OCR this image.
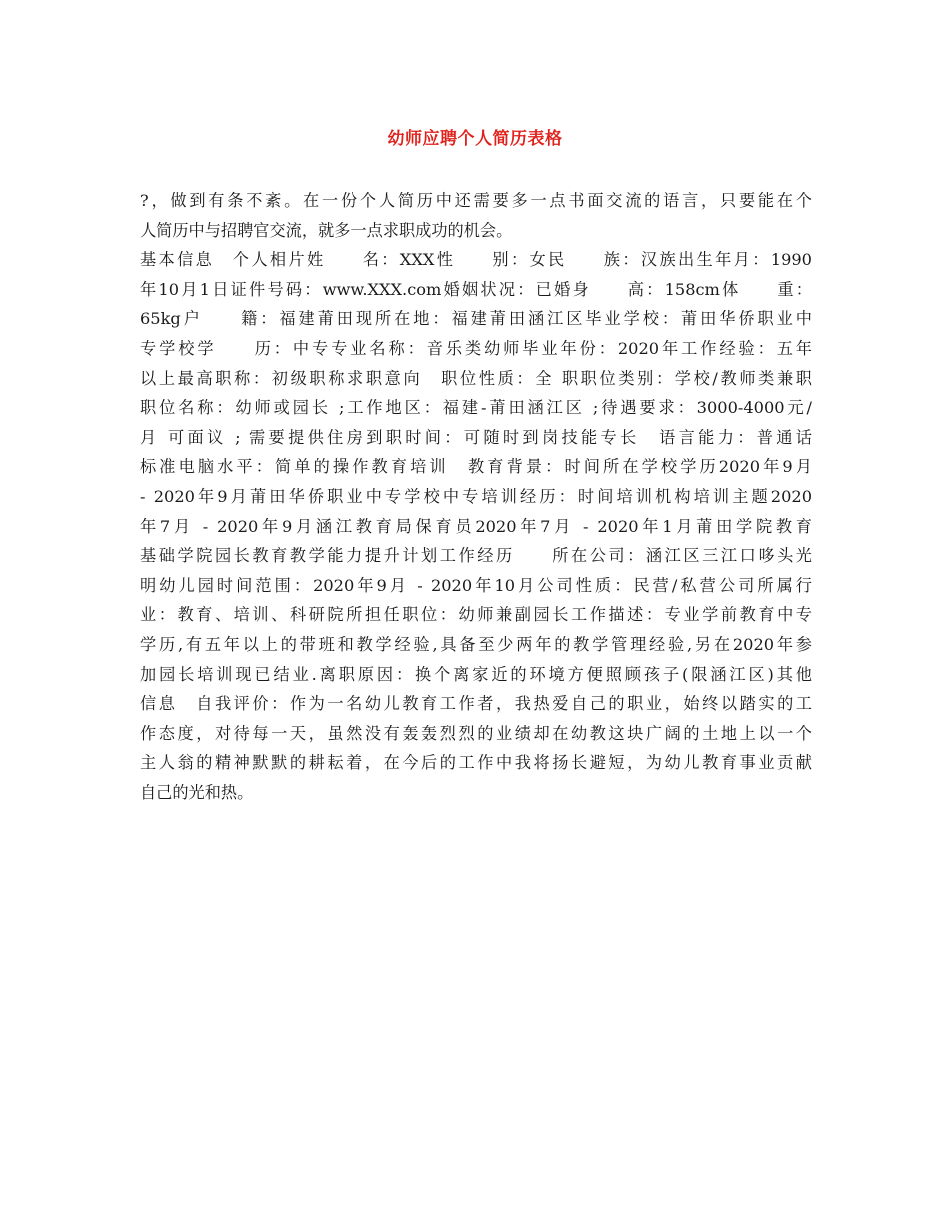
幼师应聘个人简历表格
?，做到有条不紊。在一份个人简历中还需要多一点书面交流的语言，只要能在个
人简历中与招聘官交流，就多一点求职成功的机会。
基本信息　个人相片姓　　名：XXX性　　别：女民　　族：汉族出生年月：1990
年10月1日证件号码：www.XXX.com婚姻状况：已婚身　　高：158cm体　　重：
65kg户　　籍：福建莆田现所在地：福建莆田涵江区毕业学校：莆田华侨职业中
专学校学　　历：中专专业名称：音乐类幼师毕业年份：2020年工作经验：五年
以上最高职称：初级职称求职意向　职位性质：全 职职位类别：学校/教师类兼职
职位名称：幼师或园长 ;工作地区：福建-莆田涵江区 ;待遇要求：3000-4000元/
月 可面议 ; 需要提供住房到职时间：可随时到岗技能专长　语言能力：普通话
标准电脑水平：简单的操作教育培训　教育背景：时间所在学校学历2020年9月
- 2020年9月莆田华侨职业中专学校中专培训经历：时间培训机构培训主题2020
年7月 - 2020年9月涵江教育局保育员2020年7月 - 2020年1月莆田学院教育
基础学院园长教育教学能力提升计划工作经历　　所在公司：涵江区三江口哆头光
明幼儿园时间范围：2020年9月 - 2020年10月公司性质：民营/私营公司所属行
业：教育、培训、科研院所担任职位：幼师兼副园长工作描述：专业学前教育中专
学历,有五年以上的带班和教学经验,具备至少两年的教学管理经验,另在2020年参
加园长培训现已结业.离职原因：换个离家近的环境方便照顾孩子(限涵江区)其他
信息　自我评价：作为一名幼儿教育工作者，我热爱自己的职业，始终以踏实的工
作态度，对待每一天，虽然没有轰轰烈烈的业绩却在幼教这块广阔的土地上以一个
主人翁的精神默默的耕耘着，在今后的工作中我将扬长避短，为幼儿教育事业贡献
自己的光和热。
